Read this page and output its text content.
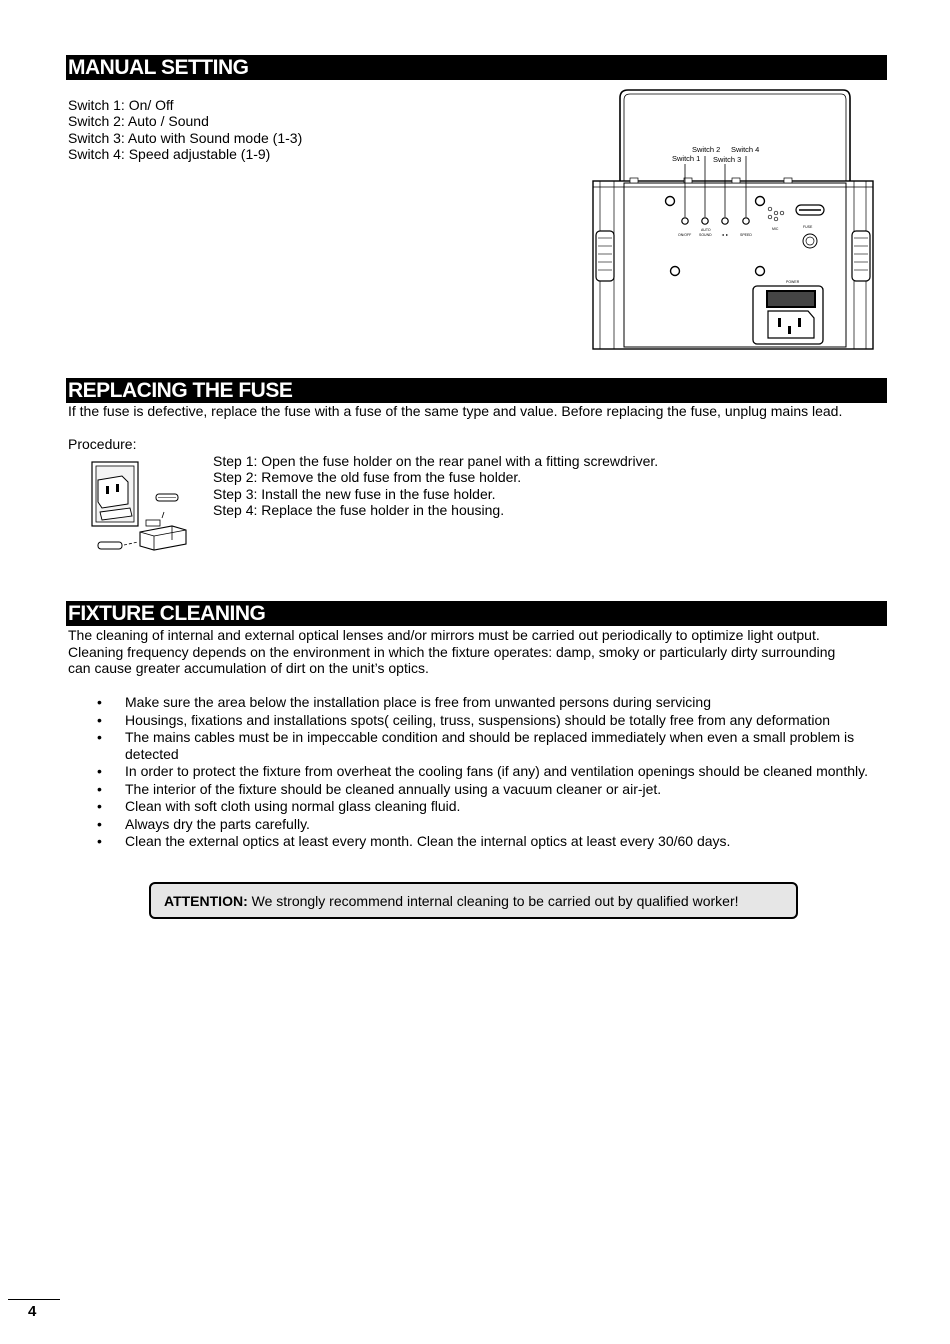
MANUAL SETTING
Switch 1: On/ Off
Switch 2: Auto / Sound
Switch 3: Auto with Sound mode (1-3)
Switch 4: Speed adjustable (1-9)	Switch 2 Switch 4
Switch 1 Switch 3
ON/OFF
AUTO
SOUND	◄ ►	SPEED
MIC	FUSE
POWER
REPLACING THE FUSE
If the fuse is defective, replace the fuse with a fuse of the same type and value. Before replacing the fuse, unplug mains lead.
Procedure:
Step 1: Open the fuse holder on the rear panel with a fitting screwdriver.
Step 2: Remove the old fuse from the fuse holder.
Step 3: Install the new fuse in the fuse holder.
Step 4: Replace the fuse holder in the housing.
FIXTURE CLEANING
The cleaning of internal and external optical lenses and/or mirrors must be carried out periodically to optimize light output.
Cleaning frequency depends on the environment in which the fixture operates: damp, smoky or particularly dirty surrounding
can cause greater accumulation of dirt on the unit’s optics.
• Make sure the area below the installation place is free from unwanted persons during servicing
• Housings, fixations and installations spots( ceiling, truss, suspensions) should be totally free from any deformation
• The mains cables must be in impeccable condition and should be replaced immediately when even a small problem is detected
• In order to protect the fixture from overheat the cooling fans (if any) and ventilation openings should be cleaned monthly.
• The interior of the fixture should be cleaned annually using a vacuum cleaner or air-jet.
• Clean with soft cloth using normal glass cleaning fluid.
• Always dry the parts carefully.
• Clean the external optics at least every month. Clean the internal optics at least every 30/60 days.
ATTENTION: We strongly recommend internal cleaning to be carried out by qualified worker!
4
